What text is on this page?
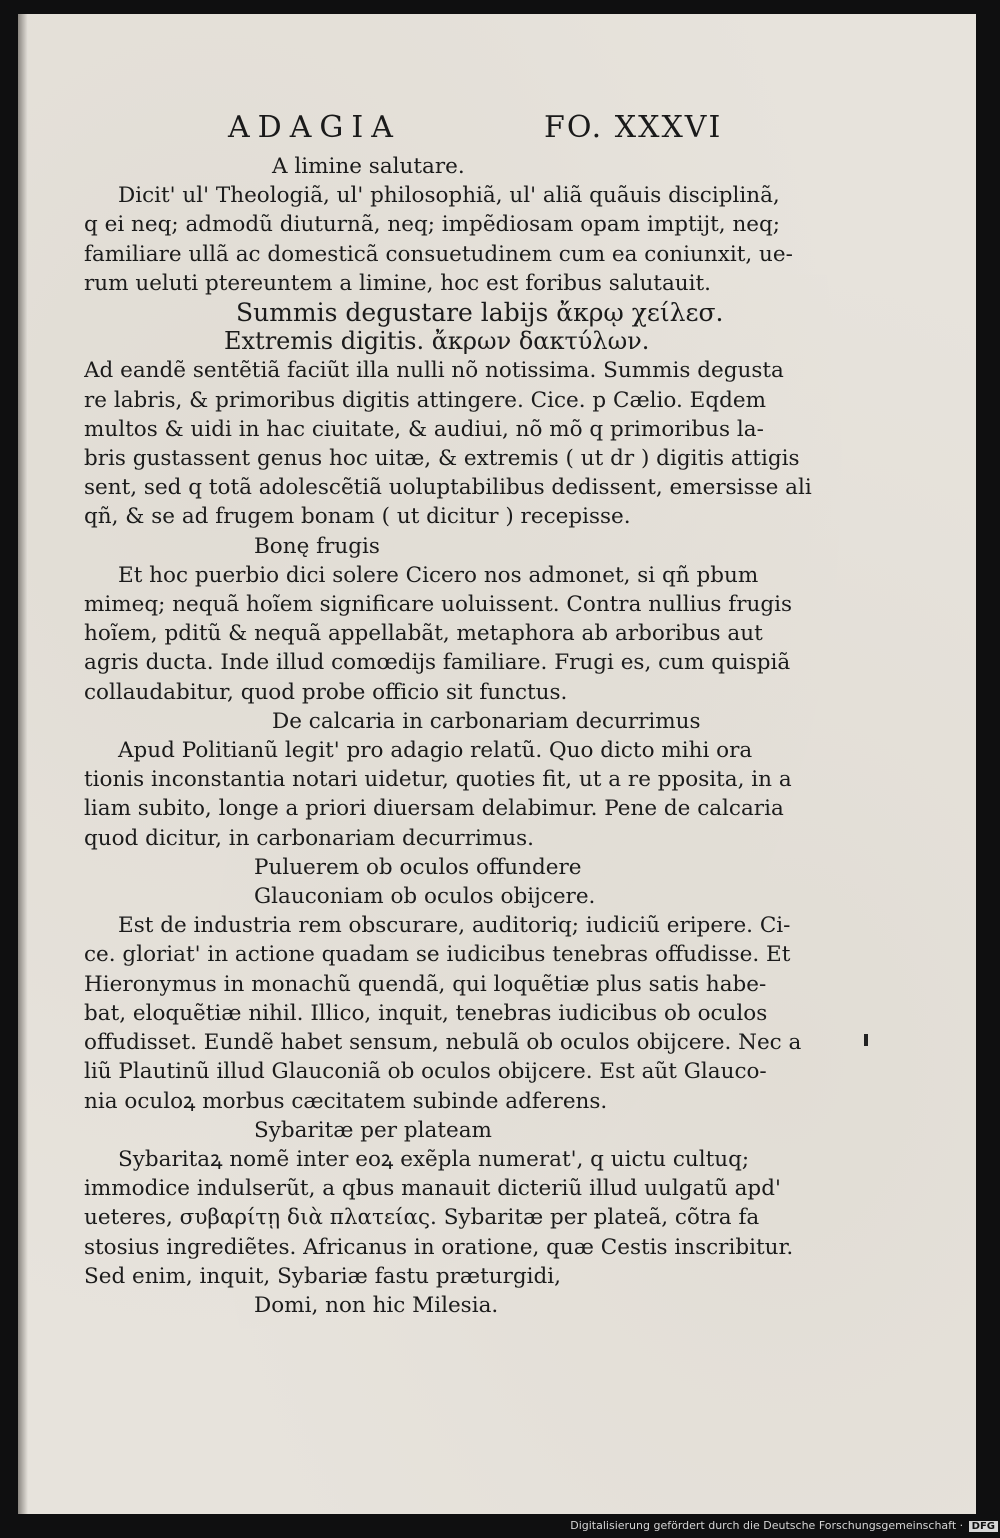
ADAGIA	FO. XXXVI
A limine salutare.
Dicit' ul' Theologiã, ul' philosophiã, ul' aliã quãuis disciplinã,
q ei neq; admodũ diuturnã, neq; impẽdiosam opam imptijt, neq;
familiare ullã ac domesticã consuetudinem cum ea coniunxit, ue-
rum ueluti ptereuntem a limine, hoc est foribus salutauit.
Summis degustare labijs ἄκρῳ χείλεσ.
Extremis digitis. ἄκρων δακτύλων.
Ad eandẽ sentẽtiã faciũt illa nulli nõ notissima. Summis degusta
re labris, & primoribus digitis attingere. Cice. p Cælio. Eqdem
multos & uidi in hac ciuitate, & audiui, nõ mõ q primoribus la-
bris gustassent genus hoc uitæ, & extremis ( ut dr ) digitis attigis
sent, sed q totã adolescẽtiã uoluptabilibus dedissent, emersisse ali
qñ, & se ad frugem bonam ( ut dicitur ) recepisse.
Bonę frugis
Et hoc puerbio dici solere Cicero nos admonet, si qñ pbum
mimeq; nequã hoĩem significare uoluissent. Contra nullius frugis
hoĩem, pditũ & nequã appellabãt, metaphora ab arboribus aut
agris ducta. Inde illud comœdijs familiare. Frugi es, cum quispiã
collaudabitur, quod probe officio sit functus.
De calcaria in carbonariam decurrimus
Apud Politianũ legit' pro adagio relatũ. Quo dicto mihi ora
tionis inconstantia notari uidetur, quoties fit, ut a re pposita, in a
liam subito, longe a priori diuersam delabimur. Pene de calcaria
quod dicitur, in carbonariam decurrimus.
Puluerem ob oculos offundere
Glauconiam ob oculos obijcere.
Est de industria rem obscurare, auditoriq; iudiciũ eripere. Ci-
ce. gloriat' in actione quadam se iudicibus tenebras offudisse. Et
Hieronymus in monachũ quendã, qui loquẽtiæ plus satis habe-
bat, eloquẽtiæ nihil. Illico, inquit, tenebras iudicibus ob oculos
offudisset. Eundẽ habet sensum, nebulã ob oculos obijcere. Nec a
liũ Plautinũ illud Glauconiã ob oculos obijcere. Est aũt Glauco-
nia oculoꝝ morbus cæcitatem subinde adferens.
Sybaritæ per plateam
Sybaritaꝝ nomẽ inter eoꝝ exẽpla numerat', q uictu cultuq;
immodice indulserũt, a qbus manauit dicteriũ illud uulgatũ apd'
ueteres, συβαρίτῃ διὰ πλατείας. Sybaritæ per plateã, cõtra fa
stosius ingrediẽtes. Africanus in oratione, quæ Cestis inscribitur.
Sed enim, inquit, Sybariæ fastu præturgidi,
Domi, non hic Milesia.
Digitalisierung gefördert durch die Deutsche Forschungsgemeinschaft · DFG
